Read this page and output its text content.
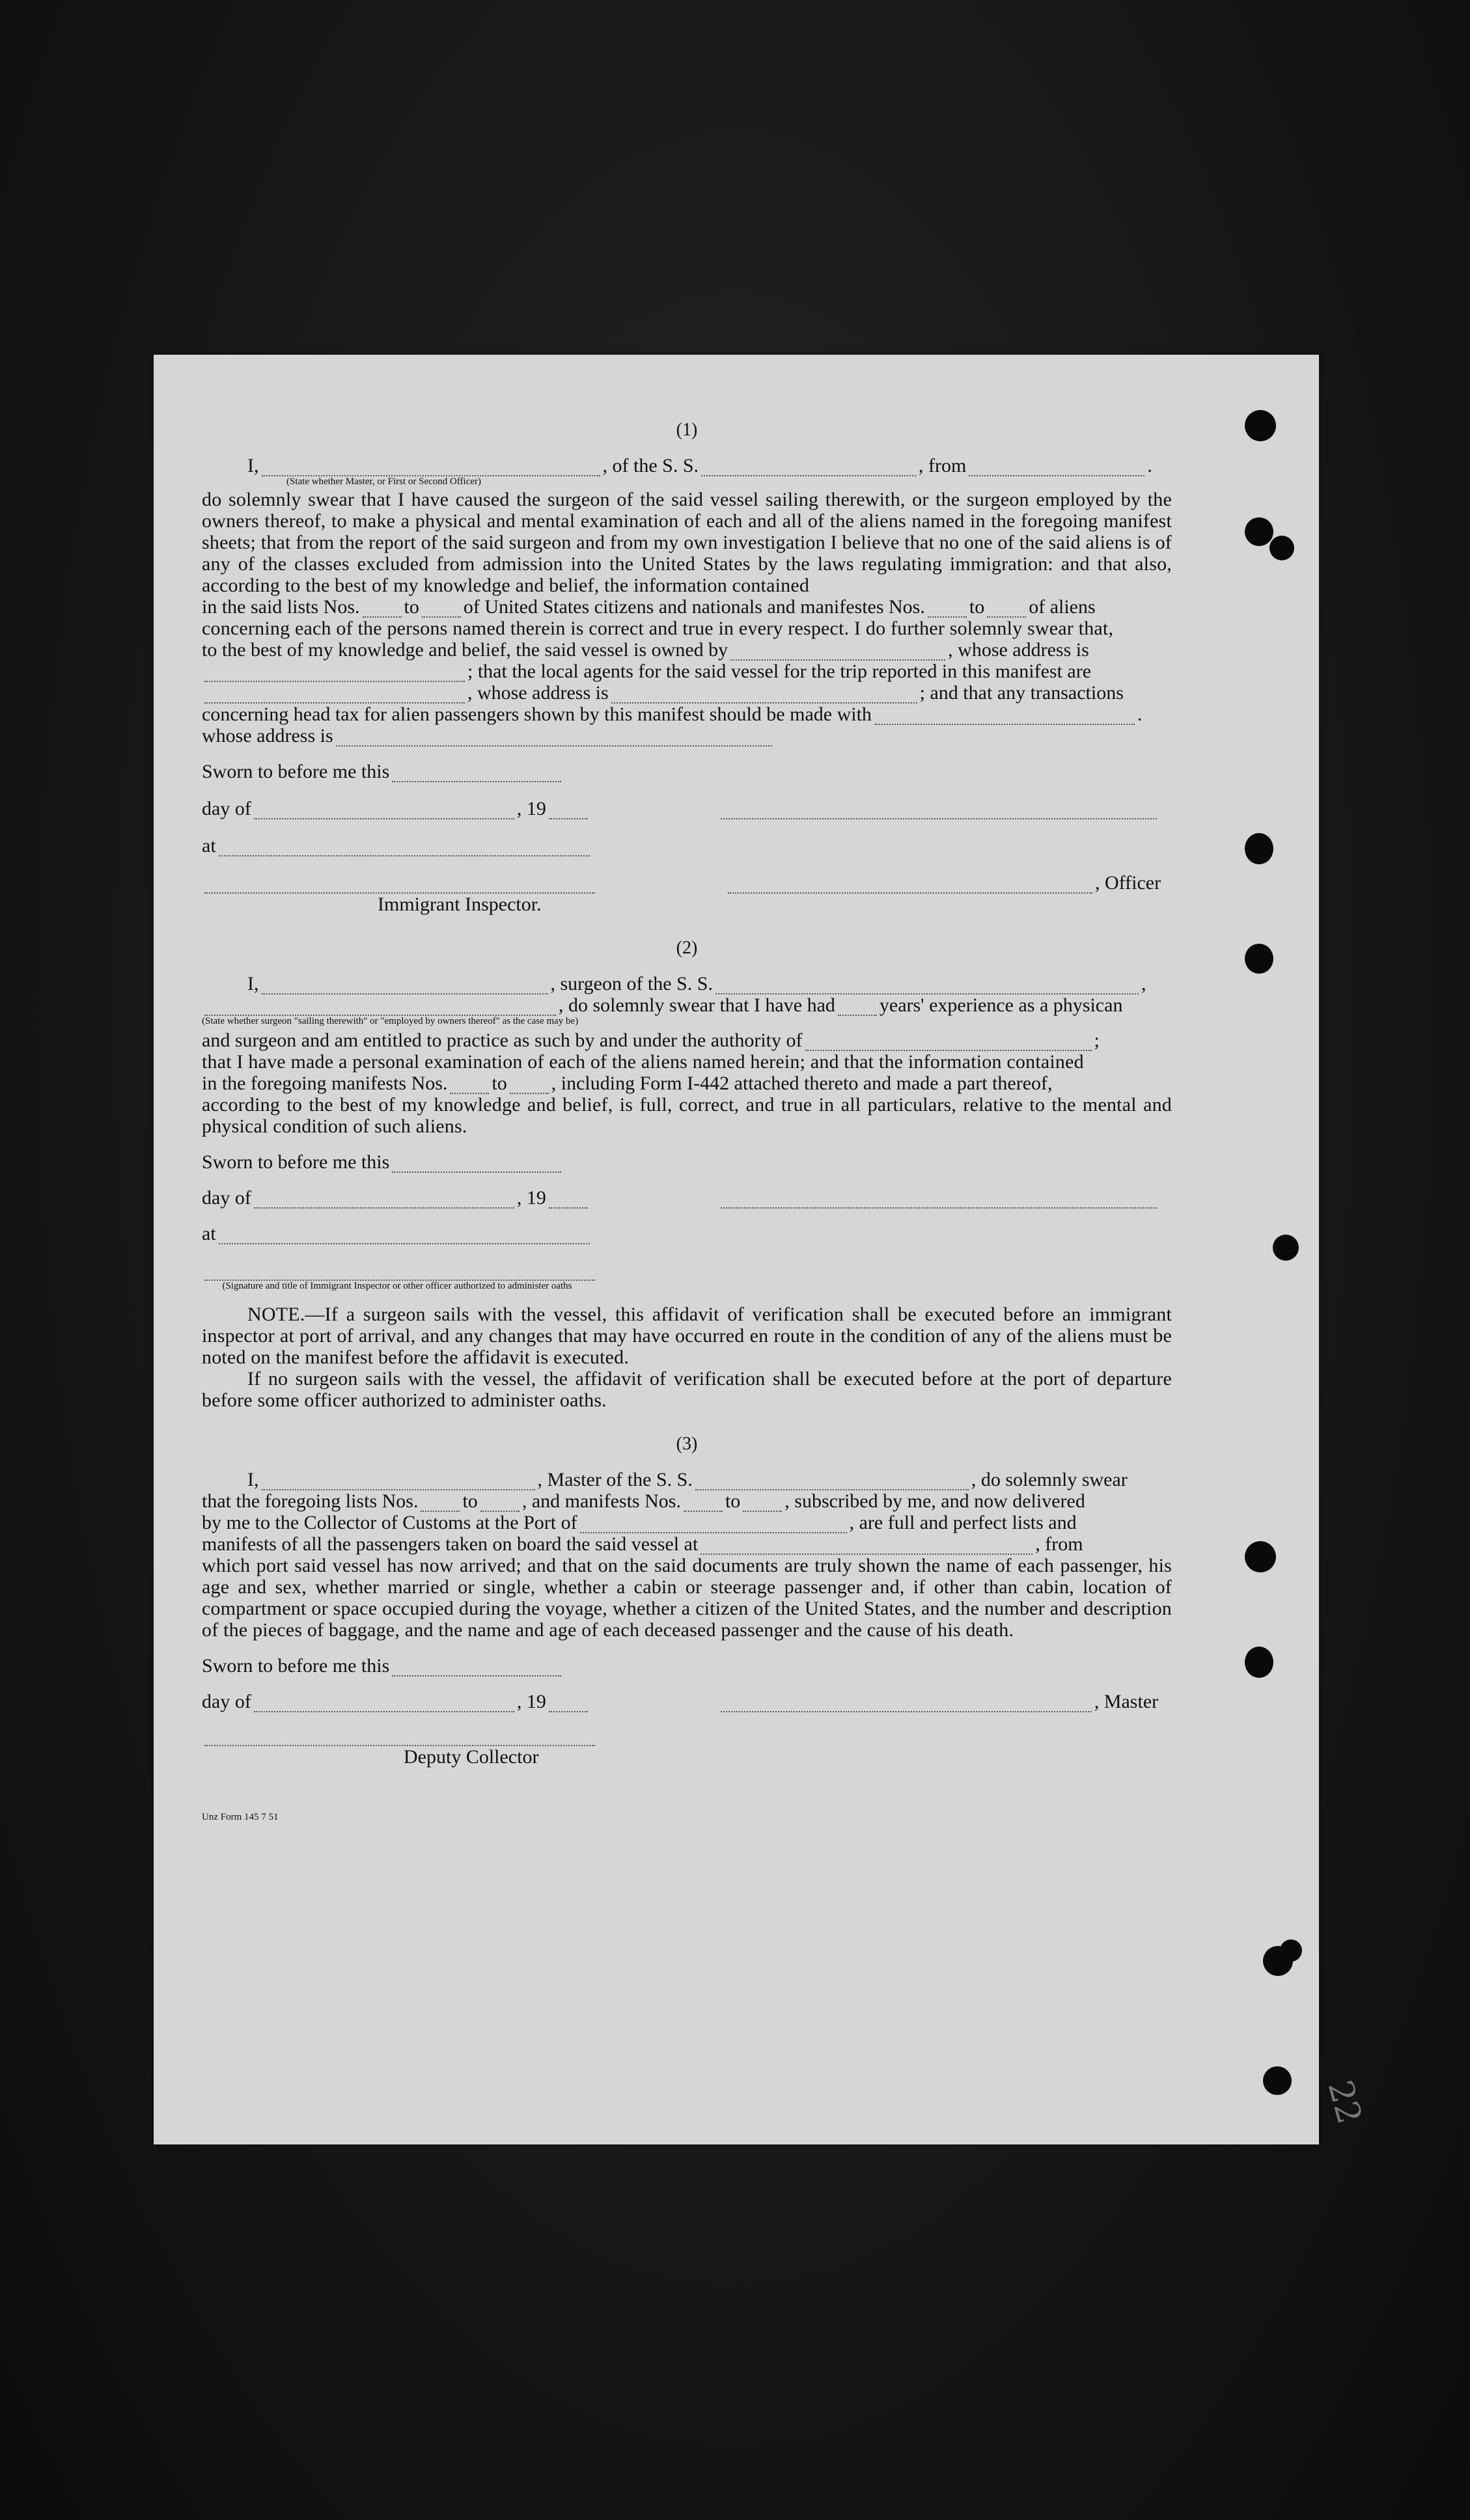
22
(1)
I,	, of the S. S.	, from	.
(State whether Master, or First or Second Officer)
do solemnly swear that I have caused the surgeon of the said vessel sailing therewith, or the surgeon employed by the owners thereof, to make a physical and mental examination of each and all of the aliens named in the foregoing manifest sheets; that from the report of the said surgeon and from my own investigation I believe that no one of the said aliens is of any of the classes excluded from admission into the United States by the laws regulating immigration: and that also, according to the best of my knowledge and belief, the information contained
in the said lists Nos. to of United States citizens and nationals and manifestes Nos. to of aliens
concerning each of the persons named therein is correct and true in every respect. I do further solemnly swear that,
to the best of my knowledge and belief, the said vessel is owned by	, whose address is
; that the local agents for the said vessel for the trip reported in this manifest are
, whose address is	; and that any transactions
concerning head tax for alien passengers shown by this manifest should be made with	.
whose address is
Sworn to before me this
day of	, 19
at
, Officer
Immigrant Inspector.
(2)
I,	, surgeon of the S. S.	,
, do solemnly swear that I have had years' experience as a physican
(State whether surgeon "sailing therewith" or "employed by owners thereof" as the case may be)
and surgeon and am entitled to practice as such by and under the authority of	;
that I have made a personal examination of each of the aliens named herein; and that the information contained
in the foregoing manifests Nos. to , including Form I-442 attached thereto and made a part thereof,
according to the best of my knowledge and belief, is full, correct, and true in all particulars, relative to the mental and physical condition of such aliens.
Sworn to before me this
day of	, 19
at
(Signature and title of Immigrant Inspector or other officer authorized to administer oaths
NOTE.—If a surgeon sails with the vessel, this affidavit of verification shall be executed before an immigrant inspector at port of arrival, and any changes that may have occurred en route in the condition of any of the aliens must be noted on the manifest before the affidavit is executed.
If no surgeon sails with the vessel, the affidavit of verification shall be executed before at the port of departure before some officer authorized to administer oaths.
(3)
I,	, Master of the S. S.	, do solemnly swear
that the foregoing lists Nos. to , and manifests Nos. to , subscribed by me, and now delivered
by me to the Collector of Customs at the Port of	, are full and perfect lists and
manifests of all the passengers taken on board the said vessel at	, from
which port said vessel has now arrived; and that on the said documents are truly shown the name of each passenger, his age and sex, whether married or single, whether a cabin or steerage passenger and, if other than cabin, location of compartment or space occupied during the voyage, whether a citizen of the United States, and the number and description of the pieces of baggage, and the name and age of each deceased passenger and the cause of his death.
Sworn to before me this
day of	, 19	, Master
Deputy Collector
Unz Form 145 7 51
